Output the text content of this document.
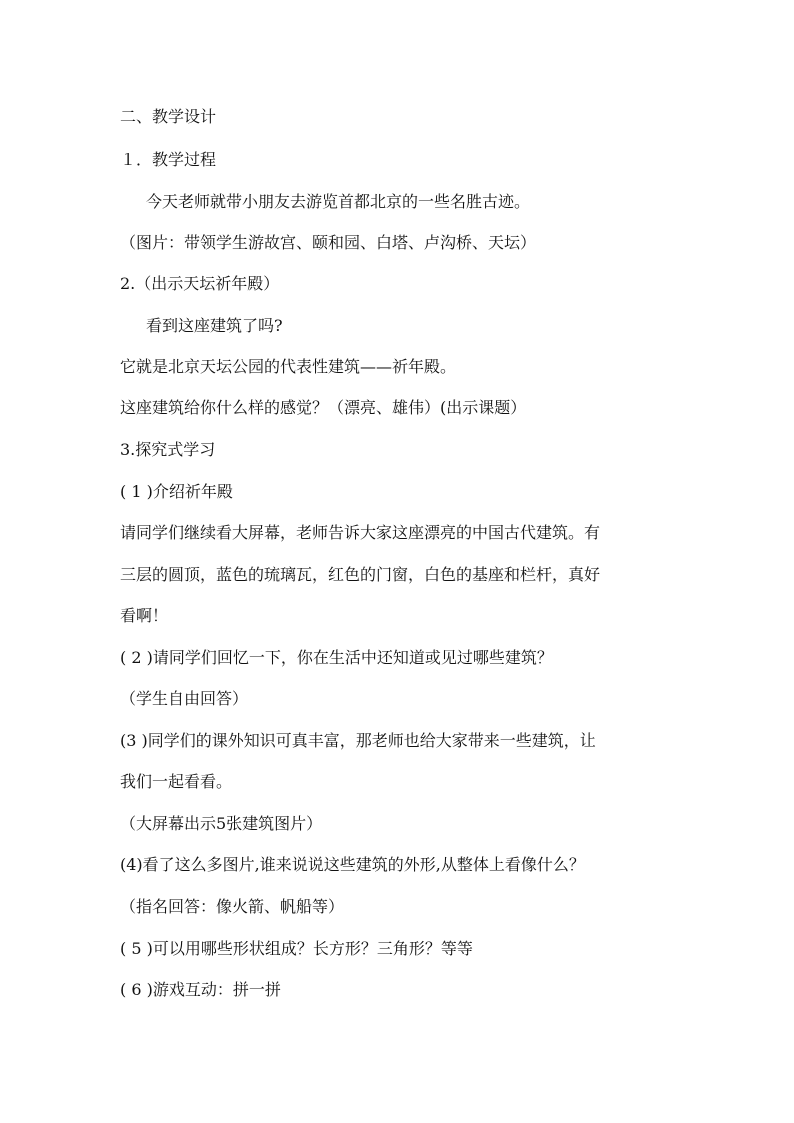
二、教学设计
１．教学过程
今天老师就带小朋友去游览首都北京的一些名胜古迹。
（图片：带领学生游故宫、颐和园、白塔、卢沟桥、天坛）
2.（出示天坛祈年殿）
看到这座建筑了吗?
它就是北京天坛公园的代表性建筑——祈年殿。
这座建筑给你什么样的感觉？（漂亮、雄伟）(出示课题）
3.探究式学习
( 1 )介绍祈年殿
请同学们继续看大屏幕，老师告诉大家这座漂亮的中国古代建筑。有
三层的圆顶，蓝色的琉璃瓦，红色的门窗，白色的基座和栏杆，真好
看啊！
( 2 )请同学们回忆一下，你在生活中还知道或见过哪些建筑？
（学生自由回答）
(3 )同学们的课外知识可真丰富，那老师也给大家带来一些建筑，让
我们一起看看。
（大屏幕出示5张建筑图片）
(4)看了这么多图片,谁来说说这些建筑的外形,从整体上看像什么？
（指名回答：像火箭、帆船等）
( 5 )可以用哪些形状组成？长方形？三角形？等等
( 6 )游戏互动：拼一拼
